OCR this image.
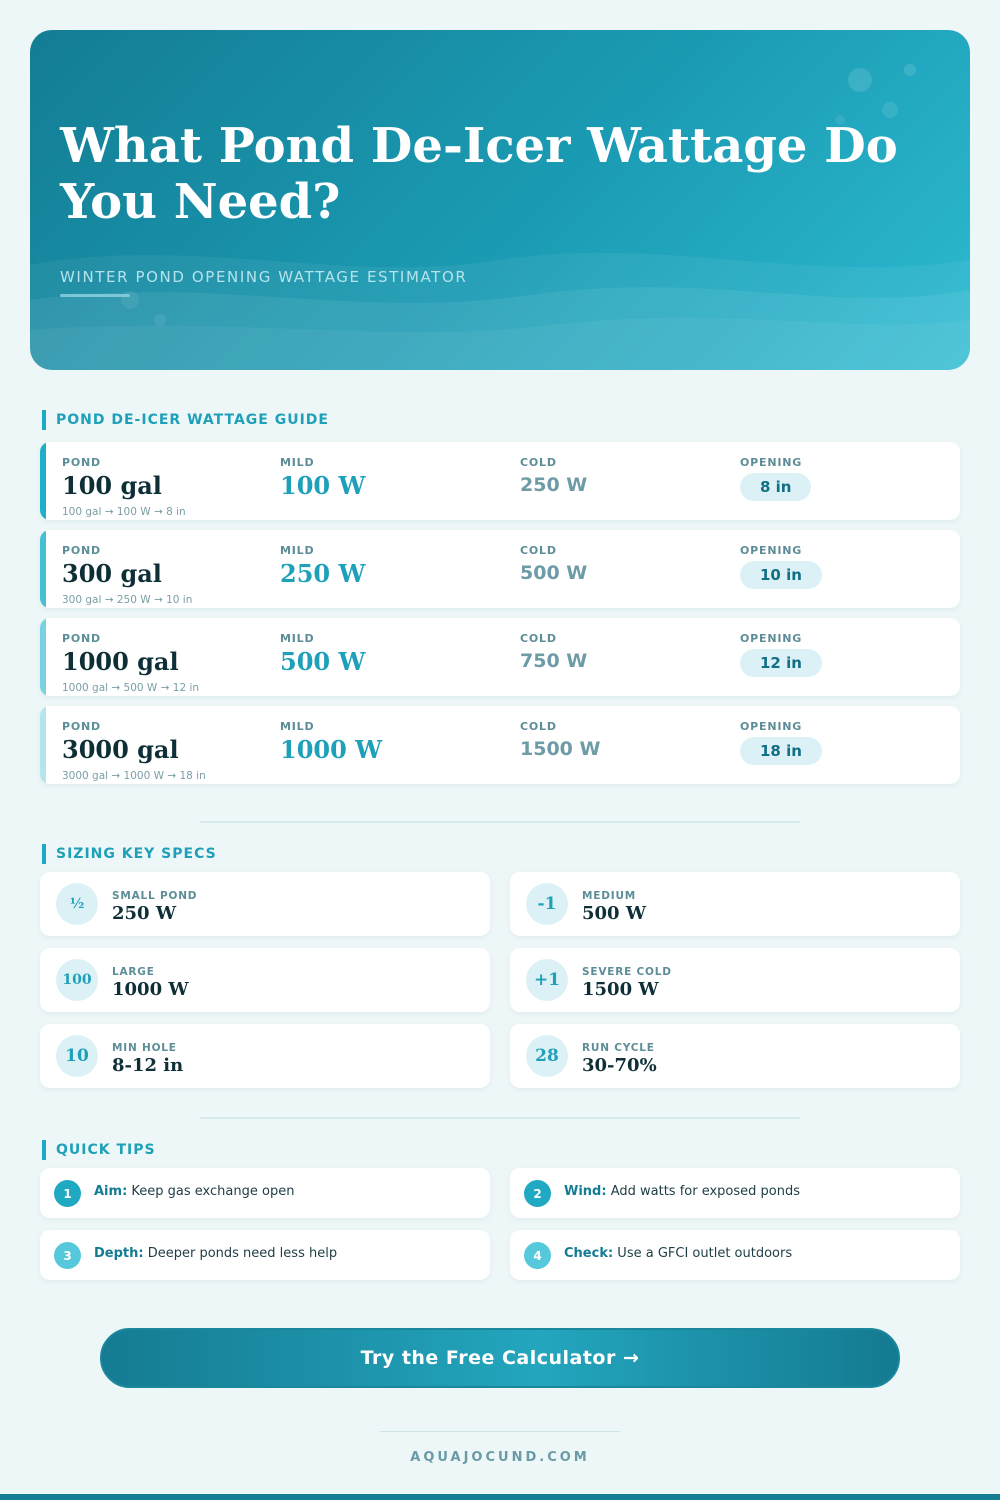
What Pond De-Icer Wattage Do You Need?
WINTER POND OPENING WATTAGE ESTIMATOR
POND DE-ICER WATTAGE GUIDE
POND
100 gal
MILD
100 W
COLD
250 W
OPENING
8 in
100 gal → 100 W → 8 in
POND
300 gal
MILD
250 W
COLD
500 W
OPENING
10 in
300 gal → 250 W → 10 in
POND
1000 gal
MILD
500 W
COLD
750 W
OPENING
12 in
1000 gal → 500 W → 12 in
POND
3000 gal
MILD
1000 W
COLD
1500 W
OPENING
18 in
3000 gal → 1000 W → 18 in
SIZING KEY SPECS
½	SMALL POND
250 W	-1	MEDIUM
500 W
100	LARGE
1000 W	+1	SEVERE COLD
1500 W
10	MIN HOLE
8-12 in	28	RUN CYCLE
30-70%
QUICK TIPS
1	Aim: Keep gas exchange open	2	Wind: Add watts for exposed ponds
3	Depth: Deeper ponds need less help	4	Check: Use a GFCI outlet outdoors
Try the Free Calculator →
AQUAJOCUND.COM
